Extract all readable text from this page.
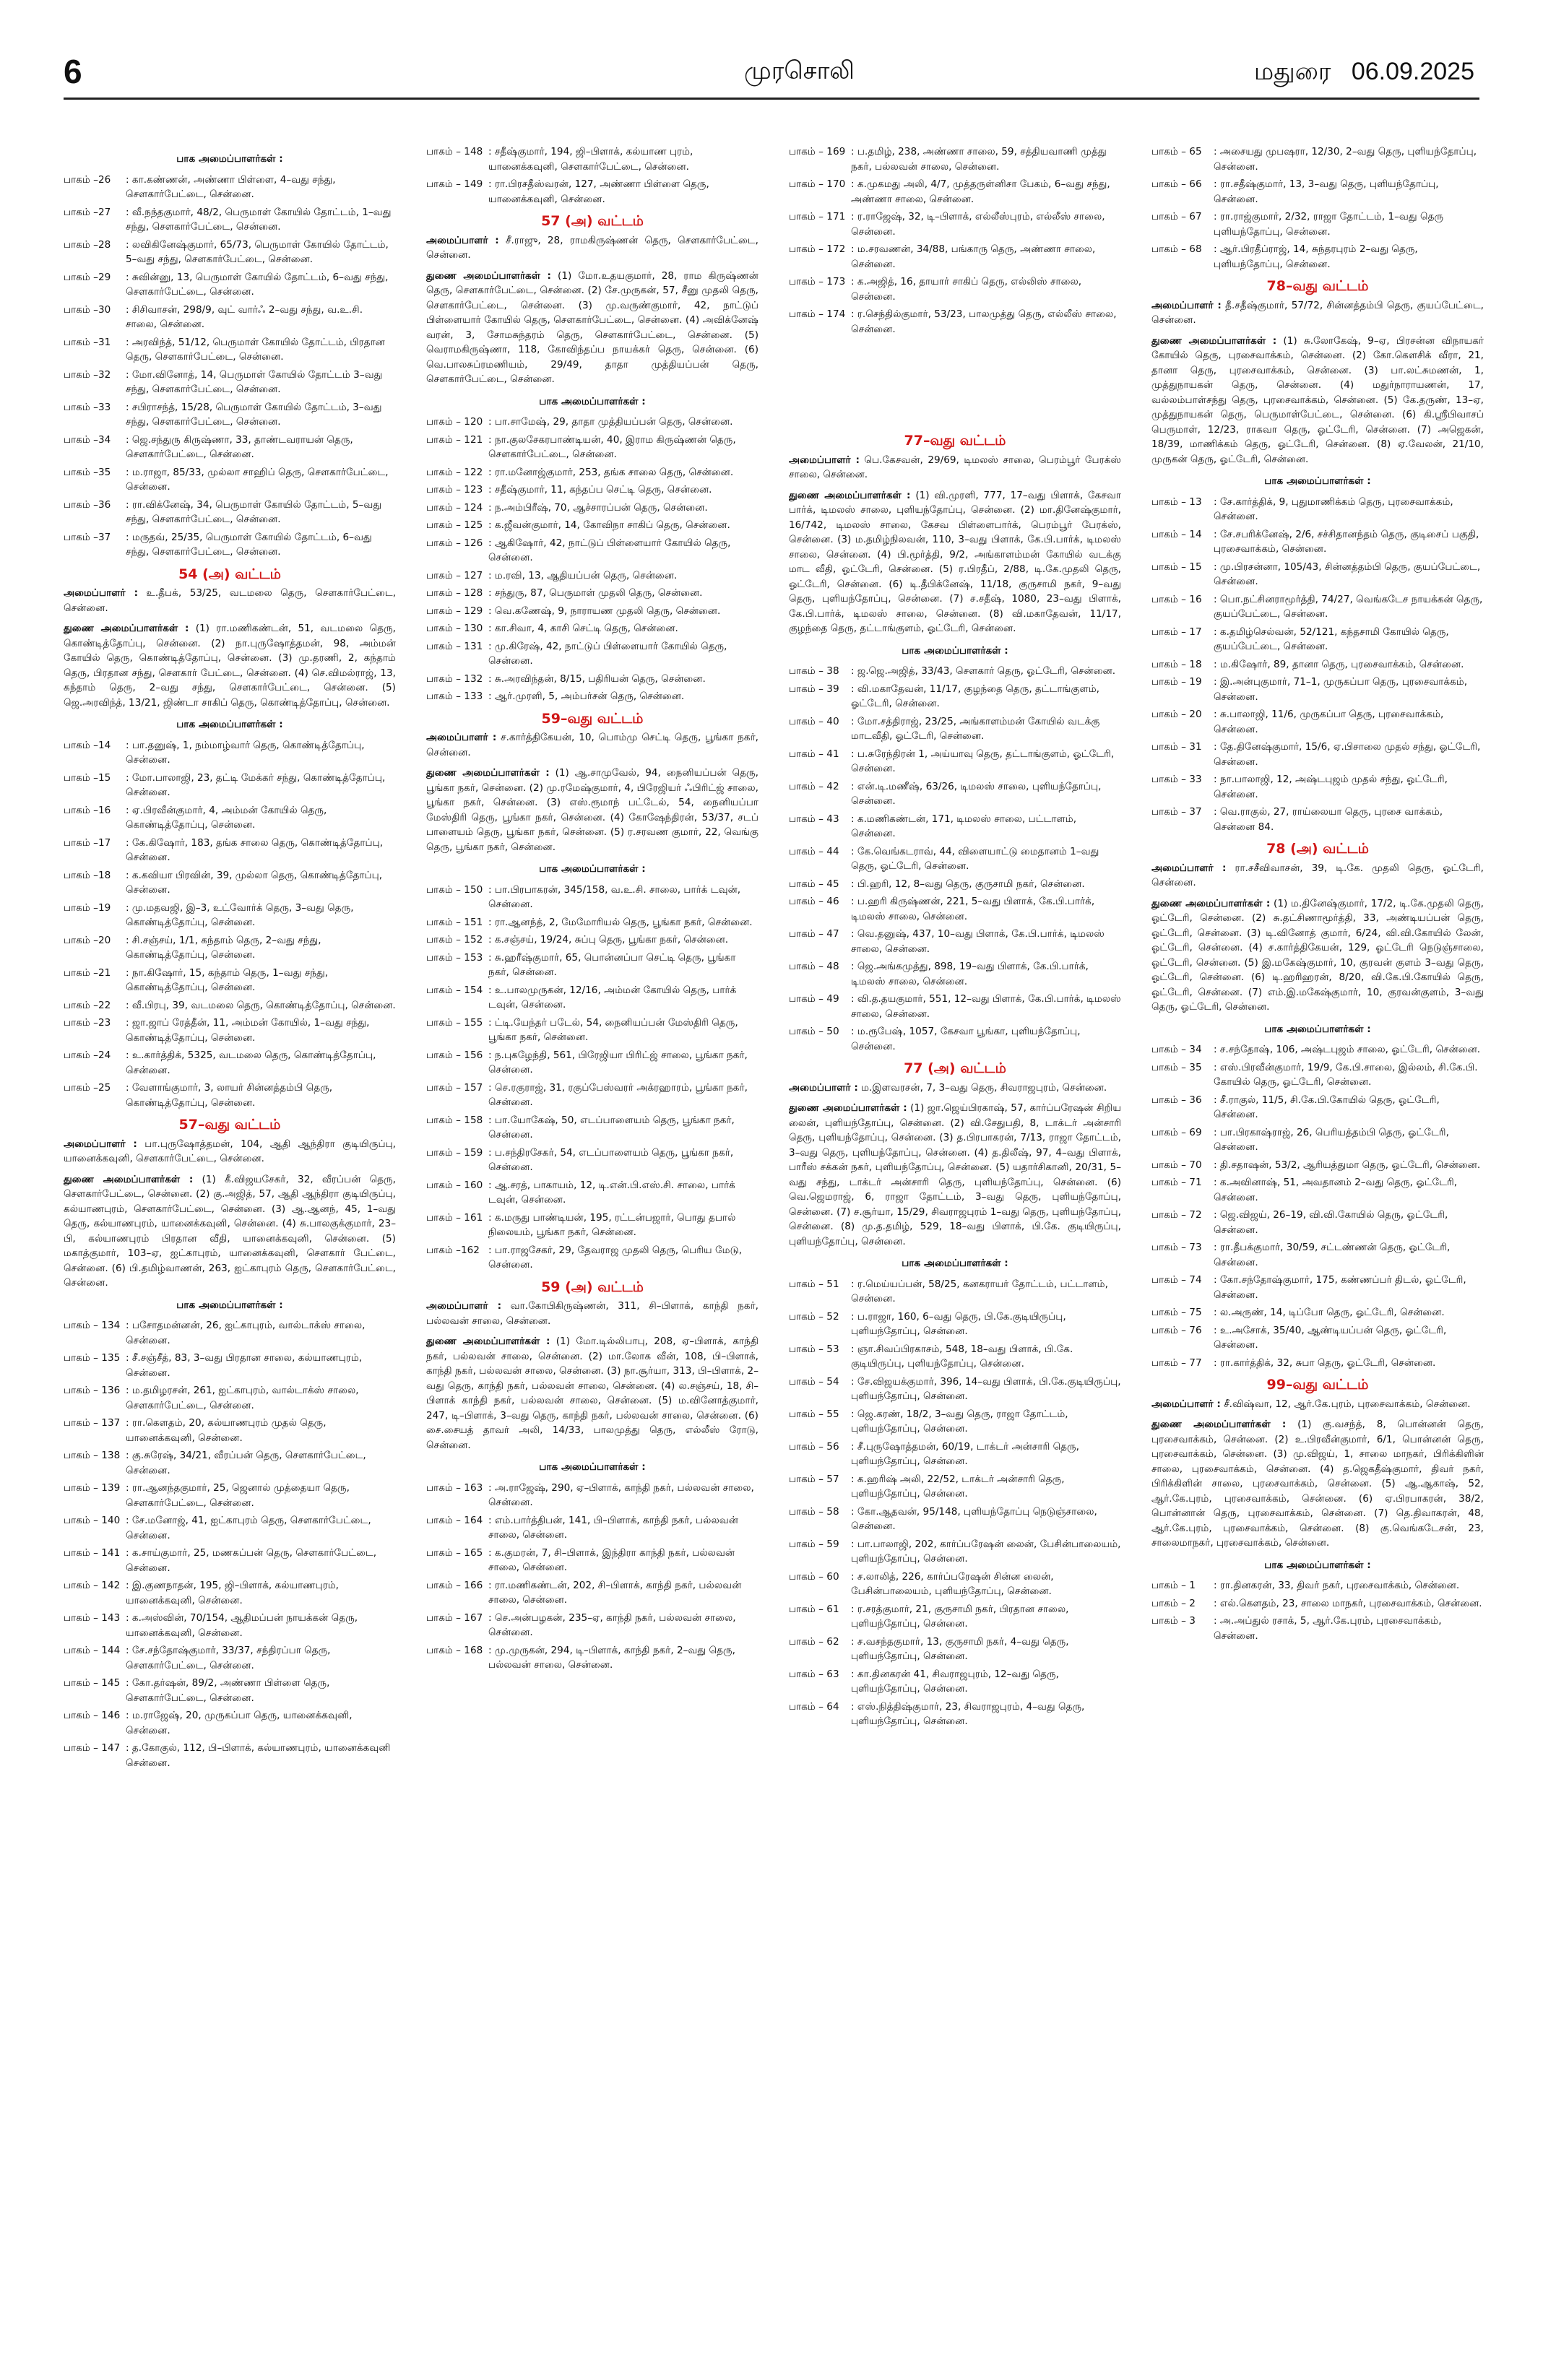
6	முரசொலி	மதுரை 06.09.2025
பாக அமைப்பாளர்கள் :
பாகம் –26	: கா.கண்ணன், அண்ணா பிள்ளை, 4–வது சந்து, சௌகார்பேட்டை, சென்னை.
பாகம் –27	: வீ.நந்தகுமார், 48/2, பெருமாள் கோயில் தோட்டம், 1–வது சந்து, சௌகார்பேட்டை, சென்னை.
பாகம் –28	: லவிகினேஷ்குமார், 65/73, பெருமாள் கோயில் தோட்டம், 5–வது சந்து, சௌகார்பேட்டை, சென்னை.
பாகம் –29	: சுவின்னு, 13, பெருமாள் கோயில் தோட்டம், 6–வது சந்து, சௌகார்பேட்டை, சென்னை.
பாகம் –30	: சிசிவாசன், 298/9, வுட் வார்ஃ 2–வது சந்து, வ.உ.சி. சாலை, சென்னை.
பாகம் –31	: அரவிந்த், 51/12, பெருமாள் கோயில் தோட்டம், பிரதான தெரு, சௌகார்பேட்டை, சென்னை.
பாகம் –32	: மோ.வினோத், 14, பெருமாள் கோயில் தோட்டம் 3–வது சந்து, சௌகார்பேட்டை, சென்னை.
பாகம் –33	: சபிராசந்த், 15/28, பெருமாள் கோயில் தோட்டம், 3–வது சந்து, சௌகார்பேட்டை, சென்னை.
பாகம் –34	: ஜெ.சந்துரு கிருஷ்ணா, 33, தாண்டவராயன் தெரு, சௌகார்பேட்டை, சென்னை.
பாகம் –35	: ம.ராஜா, 85/33, முல்லா சாஹிப் தெரு, சௌகார்பேட்டை, சென்னை.
பாகம் –36	: ரா.விக்னேஷ், 34, பெருமாள் கோயில் தோட்டம், 5–வது சந்து, சௌகார்பேட்டை, சென்னை.
பாகம் –37	: மருதவ், 25/35, பெருமாள் கோயில் தோட்டம், 6–வது சந்து, சௌகார்பேட்டை, சென்னை.
54 (அ) வட்டம்
அமைப்பாளர் : உ.தீபக், 53/25, வடமலை தெரு, சௌகார்பேட்டை, சென்னை.
துணை அமைப்பாளர்கள் : (1) ரா.மணிகண்டன், 51, வடமலை தெரு, கொண்டித்தோப்பு, சென்னை. (2) நா.புருஷோத்தமன், 98, அம்மன் கோயில் தெரு, கொண்டித்தோப்பு, சென்னை. (3) மு.தரணி, 2, கந்தாம் தெரு, பிரதான சந்து, சௌகார் பேட்டை, சென்னை. (4) செ.விமல்ராஜ், 13, கந்தாம் தெரு, 2–வது சந்து, சௌகார்பேட்டை, சென்னை. (5) ஜெ.அரவிந்த், 13/21, ஜிண்டா சாகிப் தெரு, கொண்டித்தோப்பு, சென்னை.
பாக அமைப்பாளர்கள் :
பாகம் –14	: பா.தனுஷ், 1, நம்மாழ்வார் தெரு, கொண்டித்தோப்பு, சென்னை.
பாகம் –15	: மோ.பாலாஜி, 23, தட்டி மேக்கர் சந்து, கொண்டித்தோப்பு, சென்னை.
பாகம் –16	: ஏ.பிரவீன்குமார், 4, அம்மன் கோயில் தெரு, கொண்டித்தோப்பு, சென்னை.
பாகம் –17	: கே.கிஷோர், 183, தங்க சாலை தெரு, கொண்டித்தோப்பு, சென்னை.
பாகம் –18	: க.கவியா பிரவின், 39, முல்லா தெரு, கொண்டித்தோப்பு, சென்னை.
பாகம் –19	: மு.மதவஜி, இ–3, உட்வோர்க் தெரு, 3–வது தெரு, கொண்டித்தோப்பு, சென்னை.
பாகம் –20	: சி.சஞ்சய், 1/1, கந்தாம் தெரு, 2–வது சந்து, கொண்டித்தோப்பு, சென்னை.
பாகம் –21	: நா.கிஷோர், 15, கந்தாம் தெரு, 1–வது சந்து, கொண்டித்தோப்பு, சென்னை.
பாகம் –22	: வீ.பிரபு, 39, வடமலை தெரு, கொண்டித்தோப்பு, சென்னை.
பாகம் –23	: ஜா.ஜாப் ரேத்தீன், 11, அம்மன் கோயில், 1–வது சந்து, கொண்டித்தோப்பு, சென்னை.
பாகம் –24	: உ.கார்த்திக், 5325, வடமலை தெரு, கொண்டித்தோப்பு, சென்னை.
பாகம் –25	: வேளாங்குமார், 3, லாயர் சின்னத்தம்பி தெரு, கொண்டித்தோப்பு, சென்னை.
57–வது வட்டம்
அமைப்பாளர் : பா.புருஷோத்தமன், 104, ஆதி ஆந்திரா குடியிருப்பு, யானைக்கவுனி, சௌகார்பேட்டை, சென்னை.
துணை அமைப்பாளர்கள் : (1) கீ.விஜயசேகர், 32, வீரப்பன் தெரு, சௌகார்பேட்டை, சென்னை. (2) கு.அஜித், 57, ஆதி ஆந்திரா குடியிருப்பு, கல்யாணபுரம், சௌகார்பேட்டை, சென்னை. (3) ஆ.ஆனந், 45, 1–வது தெரு, கல்யாணபுரம், யானைக்கவுனி, சென்னை. (4) சு.பாலகுக்குமார், 23–பி, கல்யாணபுரம் பிரதான வீதி, யானைக்கவுனி, சென்னை. (5) மகாத்குமார், 103–ஏ, ஐட்காபுரம், யானைக்கவுனி, சௌகார் பேட்டை, சென்னை. (6) பி.தமிழ்வாணன், 263, ஐட்காபுரம் தெரு, சௌகார்பேட்டை, சென்னை.
பாக அமைப்பாளர்கள் :
பாகம் – 134 : பசோதமன்னன், 26, ஐட்காபுரம், வால்டாக்ஸ் சாலை, சென்னை.
பாகம் – 135 : சீ.சஞ்சீத், 83, 3–வது பிரதான சாலை, கல்யாணபுரம், சென்னை.
பாகம் – 136 : ம.தமிழரசன், 261, ஐட்காபுரம், வால்டாக்ஸ் சாலை, சௌகார்பேட்டை, சென்னை.
பாகம் – 137 : ரா.கௌதம், 20, கல்யாணபுரம் முதல் தெரு, யானைக்கவுனி, சென்னை.
பாகம் – 138 : கு.சுரேஷ், 34/21, வீரப்பன் தெரு, சௌகார்பேட்டை, சென்னை.
பாகம் – 139 : ரா.ஆனந்தகுமார், 25, ஜெனால் முத்தையா தெரு, சௌகார்பேட்டை, சென்னை.
பாகம் – 140 : சே.மனோஜ், 41, ஐட்காபுரம் தெரு, சௌகார்பேட்டை, சென்னை.
பாகம் – 141 : க.சாய்குமார், 25, மணகப்பன் தெரு, சௌகார்பேட்டை, சென்னை.
பாகம் – 142 : இ.குணநாதன், 195, ஜி–பிளாக், கல்யாணபுரம், யானைக்கவுனி, சென்னை.
பாகம் – 143 : க.அஸ்வின், 70/154, ஆதிமப்பன் நாயக்கன் தெரு, யானைக்கவுனி, சென்னை.
பாகம் – 144 : சே.சந்தோஷ்குமார், 33/37, சந்திரப்பா தெரு, சௌகார்பேட்டை, சென்னை.
பாகம் – 145 : கோ.தர்ஷன், 89/2, அண்ணா பிள்ளை தெரு, சௌகார்பேட்டை, சென்னை.
பாகம் – 146 : ம.ராஜேஷ், 20, முருகப்பா தெரு, யானைக்கவுனி, சென்னை.
பாகம் – 147 : த.கோகுல், 112, பி–பிளாக், கல்யாணபுரம், யானைக்கவுனி சென்னை.
பாகம் – 148 : சதீஷ்குமார், 194, ஜி–பிளாக், கல்யாண புரம், யானைக்கவுனி, சௌகார்பேட்டை, சென்னை.
பாகம் – 149 : ரா.பிரசதீஸ்வரன், 127, அண்ணா பிள்ளை தெரு, யானைக்கவுனி, சென்னை.
57 (அ) வட்டம்
அமைப்பாளர் : சீ.ராஜு, 28, ராமகிருஷ்ணன் தெரு, சௌகார்பேட்டை, சென்னை.
துணை அமைப்பாளர்கள் : (1) மோ.உதயகுமார், 28, ராம கிருஷ்ணன் தெரு, சௌகார்பேட்டை, சென்னை. (2) சே.முருகன், 57, சீனு முதலி தெரு, சௌகார்பேட்டை, சென்னை. (3) மு.வருண்குமார், 42, நாட்டுப் பிள்ளையார் கோயில் தெரு, சௌகார்பேட்டை, சென்னை. (4) அவிக்னேஷ் வரன், 3, சோமசுந்தரம் தெரு, சௌகார்பேட்டை, சென்னை. (5) வெராமகிருஷ்ணா, 118, கோவிந்தப்ப நாயக்கர் தெரு, சென்னை. (6) வெ.பாலசுப்ரமணியம், 29/49, தாதா முத்தியப்பன் தெரு, சௌகார்பேட்டை, சென்னை.
பாக அமைப்பாளர்கள் :
பாகம் – 120 : பா.சாமேஷ், 29, தாதா முத்தியப்பன் தெரு, சென்னை.
பாகம் – 121 : நா.குலசேகரபாண்டியன், 40, இராம கிருஷ்ணன் தெரு, சௌகார்பேட்டை, சென்னை.
பாகம் – 122 : ரா.மனோஜ்குமார், 253, தங்க சாலை தெரு, சென்னை.
பாகம் – 123 : சதீஷ்குமார், 11, கந்தப்ப செட்டி தெரு, சென்னை.
பாகம் – 124 : ந.அம்பிரீஷ், 70, ஆச்சாரப்பன் தெரு, சென்னை.
பாகம் – 125 : க.ஜீவன்குமார், 14, கோவிநா சாகிப் தெரு, சென்னை.
பாகம் – 126 : ஆகிஷோர், 42, நாட்டுப் பிள்ளையார் கோயில் தெரு, சென்னை.
பாகம் – 127 : ம.ரவி, 13, ஆதியப்பன் தெரு, சென்னை.
பாகம் – 128 : சந்துரு, 87, பெருமாள் முதலி தெரு, சென்னை.
பாகம் – 129 : வெ.கணேஷ், 9, நாராயண முதலி தெரு, சென்னை.
பாகம் – 130 : கா.சிவா, 4, காசி செட்டி தெரு, சென்னை.
பாகம் – 131 : மு.கிரேஷ், 42, நாட்டுப் பிள்ளையார் கோயில் தெரு, சென்னை.
பாகம் – 132 : சு.அரவிந்தன், 8/15, பதிரியன் தெரு, சென்னை.
பாகம் – 133 : ஆர்.முரளி, 5, அம்பர்சன் தெரு, சென்னை.
59–வது வட்டம்
அமைப்பாளர் : ச.கார்த்திகேயன், 10, பொம்மு செட்டி தெரு, பூங்கா நகர், சென்னை.
துணை அமைப்பாளர்கள் : (1) ஆ.சாமுவேல், 94, நைனியப்பன் தெரு, பூங்கா நகர், சென்னை. (2) மு.ரமேஷ்குமார், 4, பிரேஜியர் ஃபிரிட்ஜ் சாலை, பூங்கா நகர், சென்னை. (3) எஸ்.ரூமாந் பட்டேல், 54, நைனியப்பா மேஸ்திரி தெரு, பூங்கா நகர், சென்னை. (4) கோஷேந்திரன், 53/37, சடப் பாளையம் தெரு, பூங்கா நகர், சென்னை. (5) ர.சரவண குமார், 22, வெங்கு தெரு, பூங்கா நகர், சென்னை.
பாக அமைப்பாளர்கள் :
பாகம் – 150 : பா.பிரபாகரன், 345/158, வ.உ.சி. சாலை, பார்க் டவுன், சென்னை.
பாகம் – 151 : ரா.ஆனந்த், 2, மேமோரியல் தெரு, பூங்கா நகர், சென்னை.
பாகம் – 152 : க.சஞ்சய், 19/24, சுப்பு தெரு, பூங்கா நகர், சென்னை.
பாகம் – 153 : சு.ஹரீஷ்குமார், 65, பொன்னப்பா செட்டி தெரு, பூங்கா நகர், சென்னை.
பாகம் – 154 : உ.பாலமுருகன், 12/16, அம்மன் கோயில் தெரு, பார்க் டவுன், சென்னை.
பாகம் – 155 : ட்டி.யேந்தர் படேல், 54, நைனியப்பன் மேஸ்திரி தெரு, பூங்கா நகர், சென்னை.
பாகம் – 156 : ந.புகழேந்தி, 561, பிரேஜியா பிரிட்ஜ் சாலை, பூங்கா நகர், சென்னை.
பாகம் – 157 : செ.ரகுராஜ், 31, ரகுப்பேஸ்வரர் அக்ரஹாரம், பூங்கா நகர், சென்னை.
பாகம் – 158 : பா.யோகேஷ், 50, எடப்பாளையம் தெரு, பூங்கா நகர், சென்னை.
பாகம் – 159 : ப.சந்திரசேகர், 54, எடப்பாளையம் தெரு, பூங்கா நகர், சென்னை.
பாகம் – 160 : ஆ.சரத், பாகாயம், 12, டி.என்.பி.எஸ்.சி. சாலை, பார்க் டவுன், சென்னை.
பாகம் – 161 : க.மருது பாண்டியன், 195, ரட்டன்பஜார், பொது தபால் நிலையம், பூங்கா நகர், சென்னை.
பாகம் –162 : பா.ராஜசேகர், 29, தேவராஜ முதலி தெரு, பெரிய மேடு, சென்னை.
59 (அ) வட்டம்
அமைப்பாளர் : வா.கோபிகிருஷ்ணன், 311, சி–பிளாக், காந்தி நகர், பல்லவன் சாலை, சென்னை.
துணை அமைப்பாளர்கள் : (1) மோ.டில்லிபாபு, 208, ஏ–பிளாக், காந்தி நகர், பல்லவன் சாலை, சென்னை. (2) மா.லோக வீன், 108, பி–பிளாக், காந்தி நகர், பல்லவன் சாலை, சென்னை. (3) நா.சூர்யா, 313, பி–பிளாக், 2–வது தெரு, காந்தி நகர், பல்லவன் சாலை, சென்னை. (4) ல.சஞ்சய், 18, சி–பிளாக் காந்தி நகர், பல்லவன் சாலை, சென்னை. (5) ம.வினோத்குமார், 247, டி–பிளாக், 3–வது தெரு, காந்தி நகர், பல்லவன் சாலை, சென்னை. (6) சை.சையத் தாவர் அலி, 14/33, பாலமுத்து தெரு, எல்லீஸ் ரோடு, சென்னை.
பாக அமைப்பாளர்கள் :
பாகம் – 163 : அ.ராஜேஷ், 290, ஏ–பிளாக், காந்தி நகர், பல்லவன் சாலை, சென்னை.
பாகம் – 164 : எம்.பார்த்திபன், 141, பி–பிளாக், காந்தி நகர், பல்லவன் சாலை, சென்னை.
பாகம் – 165 : க.குமரன், 7, சி–பிளாக், இந்திரா காந்தி நகர், பல்லவன் சாலை, சென்னை.
பாகம் – 166 : ரா.மணிகண்டன், 202, சி–பிளாக், காந்தி நகர், பல்லவன் சாலை, சென்னை.
பாகம் – 167 : செ.அன்பழகன், 235–ஏ, காந்தி நகர், பல்லவன் சாலை, சென்னை.
பாகம் – 168 : மு.முருகன், 294, டி–பிளாக், காந்தி நகர், 2–வது தெரு, பல்லவன் சாலை, சென்னை.
பாகம் – 169 : ப.தமிழ், 238, அண்ணா சாலை, 59, சத்தியவாணி முத்து நகர், பல்லவன் சாலை, சென்னை.
பாகம் – 170 : க.முகமது அலி, 4/7, முத்தருள்னிசா பேகம், 6–வது சந்து, அண்ணா சாலை, சென்னை.
பாகம் – 171 : ர.ராஜேஷ், 32, டி–பிளாக், எல்லீஸ்புரம், எல்லீஸ் சாலை, சென்னை.
பாகம் – 172 : ம.சரவணன், 34/88, பங்காரு தெரு, அண்ணா சாலை, சென்னை.
பாகம் – 173 : க.அஜித், 16, தாயார் சாகிப் தெரு, எல்லிஸ் சாலை, சென்னை.
பாகம் – 174 : ர.செந்தில்குமார், 53/23, பாலமுத்து தெரு, எல்லீஸ் சாலை, சென்னை.
77–வது வட்டம்
அமைப்பாளர் : பெ.கேசவன், 29/69, டிமலஸ் சாலை, பெரம்பூர் பேரக்ஸ் சாலை, சென்னை.
துணை அமைப்பாளர்கள் : (1) வி.முரளி, 777, 17–வது பிளாக், கேசவா பார்க், டிமலஸ் சாலை, புளியந்தோப்பு, சென்னை. (2) மா.தினேஷ்குமார், 16/742, டிமலஸ் சாலை, கேசவ பிள்ளைபார்க், பெரம்பூர் பேரக்ஸ், சென்னை. (3) ம.தமிழ்நிலவன், 110, 3–வது பிளாக், கே.பி.பார்க், டிமலஸ் சாலை, சென்னை. (4) பி.மூர்த்தி, 9/2, அங்காளம்மன் கோயில் வடக்கு மாட வீதி, ஓட்டேரி, சென்னை. (5) ர.பிரதீப், 2/88, டி.கே.முதலி தெரு, ஓட்டேரி, சென்னை. (6) டி.தீபிக்னேஷ், 11/18, குருசாமி நகர், 9–வது தெரு, புளியந்தோப்பு, சென்னை. (7) ச.சதீஷ், 1080, 23–வது பிளாக், கே.பி.பார்க், டிமலஸ் சாலை, சென்னை. (8) வி.மகாதேவன், 11/17, குழந்தை தெரு, தட்டாங்குளம், ஓட்டேரி, சென்னை.
பாக அமைப்பாளர்கள் :
பாகம் – 38	: ஜ.ஜெ.அஜித், 33/43, சௌகார் தெரு, ஓட்டேரி, சென்னை.
பாகம் – 39	: வி.மகாதேவன், 11/17, குழந்தை தெரு, தட்டாங்குளம், ஓட்டேரி, சென்னை.
பாகம் – 40	: மோ.சத்திராஜ், 23/25, அங்காளம்மன் கோயில் வடக்கு மாடவீதி, ஓட்டேரி, சென்னை.
பாகம் – 41	: ப.சுரேந்திரன் 1, அய்யாவு தெரு, தட்டாங்குளம், ஓட்டேரி, சென்னை.
பாகம் – 42	: என்.டி.மணீஷ், 63/26, டிமலஸ் சாலை, புளியந்தோப்பு, சென்னை.
பாகம் – 43	: க.மணிகண்டன், 171, டிமலஸ் சாலை, பட்டாளம், சென்னை.
பாகம் – 44	: கே.வெங்கடராவ், 44, விளையாட்டு மைதானம் 1–வது தெரு, ஓட்டேரி, சென்னை.
பாகம் – 45	: பி.ஹரி, 12, 8–வது தெரு, குருசாமி நகர், சென்னை.
பாகம் – 46	: ப.ஹரி கிருஷ்ணன், 221, 5–வது பிளாக், கே.பி.பார்க், டிமலஸ் சாலை, சென்னை.
பாகம் – 47	: வெ.தனுஷ், 437, 10–வது பிளாக், கே.பி.பார்க், டிமலஸ் சாலை, சென்னை.
பாகம் – 48	: ஜெ.அங்கமுத்து, 898, 19–வது பிளாக், கே.பி.பார்க், டிமலஸ் சாலை, சென்னை.
பாகம் – 49	: வி.த.தயகுமார், 551, 12–வது பிளாக், கே.பி.பார்க், டிமலஸ் சாலை, சென்னை.
பாகம் – 50	: ம.ரூபேஷ், 1057, கேசவா பூங்கா, புளியந்தோப்பு, சென்னை.
77 (அ) வட்டம்
அமைப்பாளர் : ம.இளவரசன், 7, 3–வது தெரு, சிவராஜபுரம், சென்னை.
துணை அமைப்பாளர்கள் : (1) ஜா.ஜெய்பிரகாஷ், 57, கார்ப்பரேஷன் சிறிய லைன், புளியந்தோப்பு, சென்னை. (2) வி.சேதுபதி, 8, டாக்டர் அன்சாரி தெரு, புளியந்தோப்பு, சென்னை. (3) த.பிரபாகரன், 7/13, ராஜா தோட்டம், 3–வது தெரு, புளியந்தோப்பு, சென்னை. (4) த.திலீஷ், 97, 4–வது பிளாக், பாரீஸ் சக்கன் நகர், புளியந்தோப்பு, சென்னை. (5) யதார்சிகானி, 20/31, 5–வது சந்து, டாக்டர் அன்சாரி தெரு, புளியந்தோப்பு, சென்னை. (6) வெ.ஜெமராஜ், 6, ராஜா தோட்டம், 3–வது தெரு, புளியந்தோப்பு, சென்னை. (7) ச.சூர்யா, 15/29, சிவராஜபுரம் 1–வது தெரு, புளியந்தோப்பு, சென்னை. (8) மு.த.தமிழ், 529, 18–வது பிளாக், பி.கே. குடியிருப்பு, புளியந்தோப்பு, சென்னை.
பாக அமைப்பாளர்கள் :
பாகம் – 51	: ர.மெய்யப்பன், 58/25, கனகராயர் தோட்டம், பட்டாளம், சென்னை.
பாகம் – 52	: ப.ராஜா, 160, 6–வது தெரு, பி.கே.குடியிருப்பு, புளியந்தோப்பு, சென்னை.
பாகம் – 53	: ஞா.சிவப்பிரகாசம், 548, 18–வது பிளாக், பி.கே. குடியிருப்பு, புளியந்தோப்பு, சென்னை.
பாகம் – 54	: சே.விஜயக்குமார், 396, 14–வது பிளாக், பி.கே.குடியிருப்பு, புளியந்தோப்பு, சென்னை.
பாகம் – 55	: ஜெ.கரண், 18/2, 3–வது தெரு, ராஜா தோட்டம், புளியந்தோப்பு, சென்னை.
பாகம் – 56	: சீ.புருஷோத்தமன், 60/19, டாக்டர் அன்சாரி தெரு, புளியந்தோப்பு, சென்னை.
பாகம் – 57	: க.ஹரிஷ் அலி, 22/52, டாக்டர் அன்சாரி தெரு, புளியந்தோப்பு, சென்னை.
பாகம் – 58	: கோ.ஆதவன், 95/148, புளியந்தோப்பு நெடுஞ்சாலை, சென்னை.
பாகம் – 59	: பா.பாலாஜி, 202, கார்ப்பரேஷன் லைன், பேசின்பாலையம், புளியந்தோப்பு, சென்னை.
பாகம் – 60	: ச.லாலித், 226, கார்ப்பரேஷன் சின்ன லைன், பேசின்பாலையம், புளியந்தோப்பு, சென்னை.
பாகம் – 61	: ர.சரத்குமார், 21, குருசாமி நகர், பிரதான சாலை, புளியந்தோப்பு, சென்னை.
பாகம் – 62	: ச.வசந்தகுமார், 13, குருசாமி நகர், 4–வது தெரு, புளியந்தோப்பு, சென்னை.
பாகம் – 63	: கா.தினகரன் 41, சிவராஜபுரம், 12–வது தெரு, புளியந்தோப்பு, சென்னை.
பாகம் – 64	: எஸ்.நித்திஷ்குமார், 23, சிவராஜபுரம், 4–வது தெரு, புளியந்தோப்பு, சென்னை.
பாகம் – 65	: அசையது முபஷரா, 12/30, 2–வது தெரு, புளியந்தோப்பு, சென்னை.
பாகம் – 66	: ரா.சதீஷ்குமார், 13, 3–வது தெரு, புளியந்தோப்பு, சென்னை.
பாகம் – 67	: ரா.ராஜ்குமார், 2/32, ராஜா தோட்டம், 1–வது தெரு புளியந்தோப்பு, சென்னை.
பாகம் – 68	: ஆர்.பிரதீப்ராஜ், 14, சுந்தரபுரம் 2–வது தெரு, புளியந்தோப்பு, சென்னை.
78–வது வட்டம்
அமைப்பாளர் : தீ.சதீஷ்குமார், 57/72, சின்னத்தம்பி தெரு, குயப்பேட்டை, சென்னை.
துணை அமைப்பாளர்கள் : (1) சு.லோகேஷ், 9–ஏ, பிரசன்ன விநாயகர் கோயில் தெரு, புரசைவாக்கம், சென்னை. (2) கோ.கௌசிக் வீரா, 21, தானா தெரு, புரசைவாக்கம், சென்னை. (3) பா.லட்சுமணன், 1, முத்துநாயகன் தெரு, சென்னை. (4) மதுர்நாராயணன், 17, வல்லம்பாள்சந்து தெரு, புரசைவாக்கம், சென்னை. (5) கே.தருண், 13–ஏ, முத்துநாயகன் தெரு, பெருமாள்பேட்டை, சென்னை. (6) கி.ஸ்ரீபிவாசப் பெருமாள், 12/23, ராகவா தெரு, ஓட்டேரி, சென்னை. (7) அஜெகன், 18/39, மாணிக்கம் தெரு, ஓட்டேரி, சென்னை. (8) ஏ.வேலன், 21/10, முருகன் தெரு, ஓட்டேரி, சென்னை.
பாக அமைப்பாளர்கள் :
பாகம் – 13	: சே.கார்த்திக், 9, புதுமாணிக்கம் தெரு, புரசைவாக்கம், சென்னை.
பாகம் – 14	: சே.சபரிக்னேஷ், 2/6, சச்சிதானந்தம் தெரு, குடிசைப் பகுதி, புரசைவாக்கம், சென்னை.
பாகம் – 15	: மு.பிரசன்னா, 105/43, சின்னத்தம்பி தெரு, குயப்பேட்டை, சென்னை.
பாகம் – 16	: பொ.நட்சினராமூர்த்தி, 74/27, வெங்கடேச நாயக்கன் தெரு, குயப்பேட்டை, சென்னை.
பாகம் – 17	: க.தமிழ்செல்வன், 52/121, கந்தசாமி கோயில் தெரு, குயப்பேட்டை, சென்னை.
பாகம் – 18	: ம.கிஷோர், 89, தானா தெரு, புரசைவாக்கம், சென்னை.
பாகம் – 19	: இ.அன்புகுமார், 71–1, முருகப்பா தெரு, புரசைவாக்கம், சென்னை.
பாகம் – 20	: சு.பாலாஜி, 11/6, முருகப்பா தெரு, புரசைவாக்கம், சென்னை.
பாகம் – 31	: தே.தினேஷ்குமார், 15/6, ஏ.பிசாலை முதல் சந்து, ஓட்டேரி, சென்னை.
பாகம் – 33	: நா.பாலாஜி, 12, அஷ்டபுஜம் முதல் சந்து, ஓட்டேரி, சென்னை.
பாகம் – 37	: வெ.ராகுல், 27, ராய்லையா தெரு, புரசை வாக்கம், சென்னை 84.
78 (அ) வட்டம்
அமைப்பாளர் : ரா.சசீவிவாசன், 39, டி.கே. முதலி தெரு, ஓட்டேரி, சென்னை.
துணை அமைப்பாளர்கள் : (1) ம.தினேஷ்குமார், 17/2, டி.கே.முதலி தெரு, ஓட்டேரி, சென்னை. (2) சு.தட்சிணாமூர்த்தி, 33, அண்டியப்பன் தெரு, ஓட்டேரி, சென்னை. (3) டி.வினோத் குமார், 6/24, வி.வி.கோயில் லேன், ஓட்டேரி, சென்னை. (4) ச.கார்த்திகேயன், 129, ஓட்டேரி நெடுஞ்சாலை, ஓட்டேரி, சென்னை. (5) இ.மகேஷ்குமார், 10, குரவன் குளம் 3–வது தெரு, ஓட்டேரி, சென்னை. (6) டி.ஹரிஹரன், 8/20, வி.கே.பி.கோயில் தெரு, ஓட்டேரி, சென்னை. (7) எம்.இ.மகேஷ்குமார், 10, குரவன்குளம், 3–வது தெரு, ஓட்டேரி, சென்னை.
பாக அமைப்பாளர்கள் :
பாகம் – 34	: ச.சந்தோஷ், 106, அஷ்டபுஜம் சாலை, ஓட்டேரி, சென்னை.
பாகம் – 35	: எஸ்.பிரவீன்குமார், 19/9, கே.பி.சாலை, இல்லம், சி.கே.பி. கோயில் தெரு, ஓட்டேரி, சென்னை.
பாகம் – 36	: சீ.ராகுல், 11/5, சி.கே.பி.கோயில் தெரு, ஓட்டேரி, சென்னை.
பாகம் – 69	: பா.பிரகாஷ்ராஜ், 26, பெரியத்தம்பி தெரு, ஓட்டேரி, சென்னை.
பாகம் – 70	: தி.சதாஷன், 53/2, ஆரியத்துமா தெரு, ஓட்டேரி, சென்னை.
பாகம் – 71	: க.அவினாஷ், 51, அவதானம் 2–வது தெரு, ஓட்டேரி, சென்னை.
பாகம் – 72	: ஜெ.விஜய், 26–19, வி.வி.கோயில் தெரு, ஓட்டேரி, சென்னை.
பாகம் – 73	: ரா.தீபக்குமார், 30/59, சட்டண்ணன் தெரு, ஓட்டேரி, சென்னை.
பாகம் – 74	: கோ.சந்தோஷ்குமார், 175, கண்ணப்பர் திடல், ஓட்டேரி, சென்னை.
பாகம் – 75	: ல.அருண், 14, டிப்போ தெரு, ஓட்டேரி, சென்னை.
பாகம் – 76	: உ.அசோக், 35/40, ஆண்டியப்பன் தெரு, ஓட்டேரி, சென்னை.
பாகம் – 77	: ரா.கார்த்திக், 32, சுபா தெரு, ஓட்டேரி, சென்னை.
99–வது வட்டம்
அமைப்பாளர் : சீ.விஷ்வா, 12, ஆர்.கே.புரம், புரசைவாக்கம், சென்னை.
துணை அமைப்பாளர்கள் : (1) கு.வசந்த், 8, பொன்னன் தெரு, புரசைவாக்கம், சென்னை. (2) உ.பிரவீன்குமார், 6/1, பொன்னன் தெரு, புரசைவாக்கம், சென்னை. (3) மு.விஜய், 1, சாலை மாநகர், பிரிக்கிளின் சாலை, புரசைவாக்கம், சென்னை. (4) த.ஜெகதீஷ்குமார், திவர் நகர், பிரிக்கிளின் சாலை, புரசைவாக்கம், சென்னை. (5) ஆ.ஆகாஷ், 52, ஆர்.கே.புரம், புரசைவாக்கம், சென்னை. (6) ஏ.பிரபாகரன், 38/2, பொன்னான் தெரு, புரசைவாக்கம், சென்னை. (7) தெ.திவாகரன், 48, ஆர்.கே.புரம், புரசைவாக்கம், சென்னை. (8) கு.வெங்கடேசன், 23, சாலைமாநகர், புரசைவாக்கம், சென்னை.
பாக அமைப்பாளர்கள் :
பாகம் – 1	: ரா.தினகரன், 33, திவர் நகர், புரசைவாக்கம், சென்னை.
பாகம் – 2	: எல்.கௌதம், 23, சாலை மாநகர், புரசைவாக்கம், சென்னை.
பாகம் – 3	: அ.அப்துல் ரசாக், 5, ஆர்.கே.புரம், புரசைவாக்கம், சென்னை.
